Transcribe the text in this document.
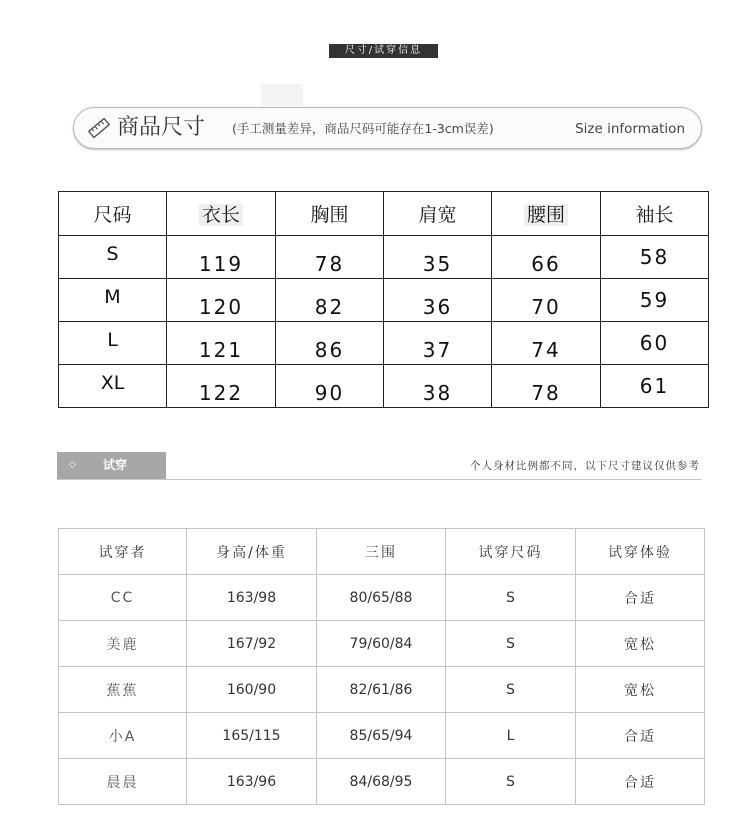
尺寸/试穿信息
商品尺寸 (手工测量差异，商品尺码可能存在1-3cm误差)	Size information
尺码	衣长	胸围	肩宽	腰围	袖长
S	119	78	35	66	58
M	120	82	36	70	59
L	121	86	37	74	60
XL	122	90	38	78	61
◇ 试穿	个人身材比例都不同，以下尺寸建议仅供参考
试穿者	身高/体重	三围	试穿尺码	试穿体验
CC	163/98	80/65/88	S	合适
美鹿	167/92	79/60/84	S	宽松
蕉蕉	160/90	82/61/86	S	宽松
小A	165/115	85/65/94	L	合适
晨晨	163/96	84/68/95	S	合适
